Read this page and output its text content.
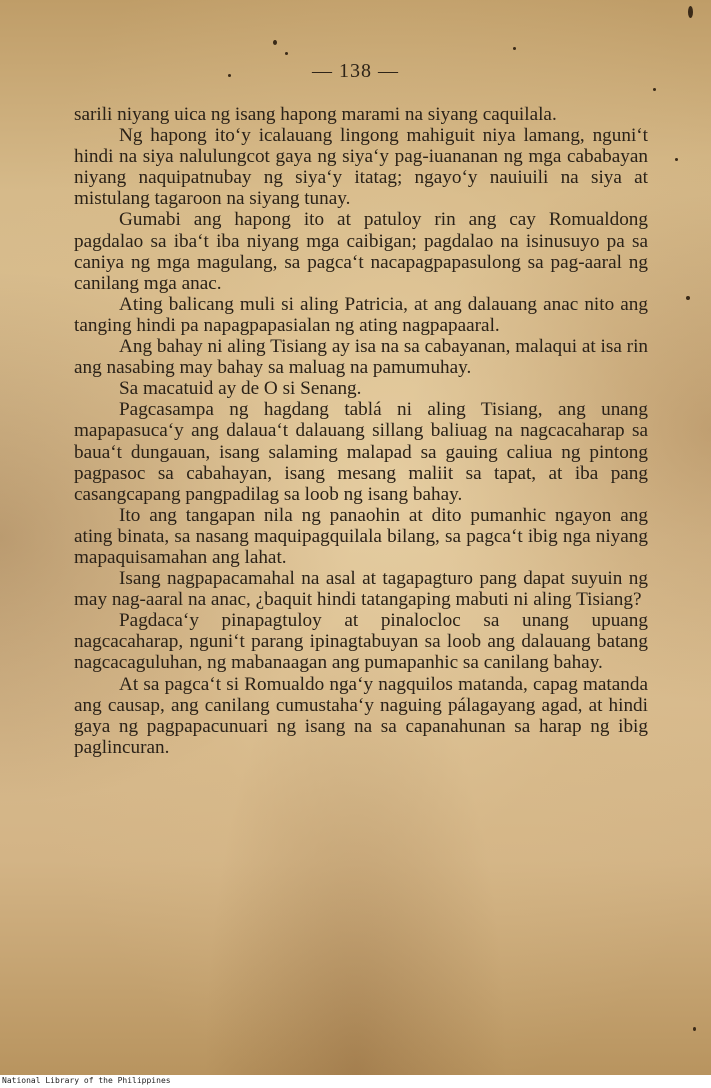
— 138 —

sarili niyang uica ng isang hapong marami na siyang caquilala.

Ng hapong ito‘y icalauang lingong mahiguit niya lamang, nguni‘t hindi na siya nalulungcot gaya ng siya‘y pag-iuananan ng mga cababayan niyang naquipatnubay ng siya‘y itatag; ngayo‘y nauiuili na siya at mistulang tagaroon na siyang tunay.

Gumabi ang hapong ito at patuloy rin ang cay Romualdong pagdalao sa iba‘t iba niyang mga caibigan; pagdalao na isinusuyo pa sa caniya ng mga magulang, sa pagca‘t nacapagpapasulong sa pag-aaral ng canilang mga anac.

Ating balicang muli si aling Patricia, at ang dalauang anac nito ang tanging hindi pa napagpapasialan ng ating nagpapaaral.

Ang bahay ni aling Tisiang ay isa na sa cabayanan, malaqui at isa rin ang nasabing may bahay sa maluag na pamumuhay.

Sa macatuid ay de O si Senang.

Pagcasampa ng hagdang tablá ni aling Tisiang, ang unang mapapasuca‘y ang dalaua‘t dalauang sillang baliuag na nagcacaharap sa baua‘t dungauan, isang salaming malapad sa gauing caliua ng pintong pagpasoc sa cabahayan, isang mesang maliit sa tapat, at iba pang casangcapang pangpadilag sa loob ng isang bahay.

Ito ang tangapan nila ng panaohin at dito pumanhic ngayon ang ating binata, sa nasang maquipagquilala bilang, sa pagca‘t ibig nga niyang mapaquisamahan ang lahat.

Isang nagpapacamahal na asal at tagapagturo pang dapat suyuin ng may nag-aaral na anac, ¿baquit hindi tatangaping mabuti ni aling Tisiang?

Pagdaca‘y pinapagtuloy at pinalocloc sa unang upuang nagcacaharap, nguni‘t parang ipinagtabuyan sa loob ang dalauang batang nagcacaguluhan, ng mabanaagan ang pumapanhic sa canilang bahay.

At sa pagca‘t si Romualdo nga‘y nagquilos matanda, capag matanda ang causap, ang canilang cumustaha‘y naguing pálagayang agad, at hindi gaya ng pagpapacunuari ng isang na sa capanahunan sa harap ng ibig paglincuran.

National Library of the Philippines
